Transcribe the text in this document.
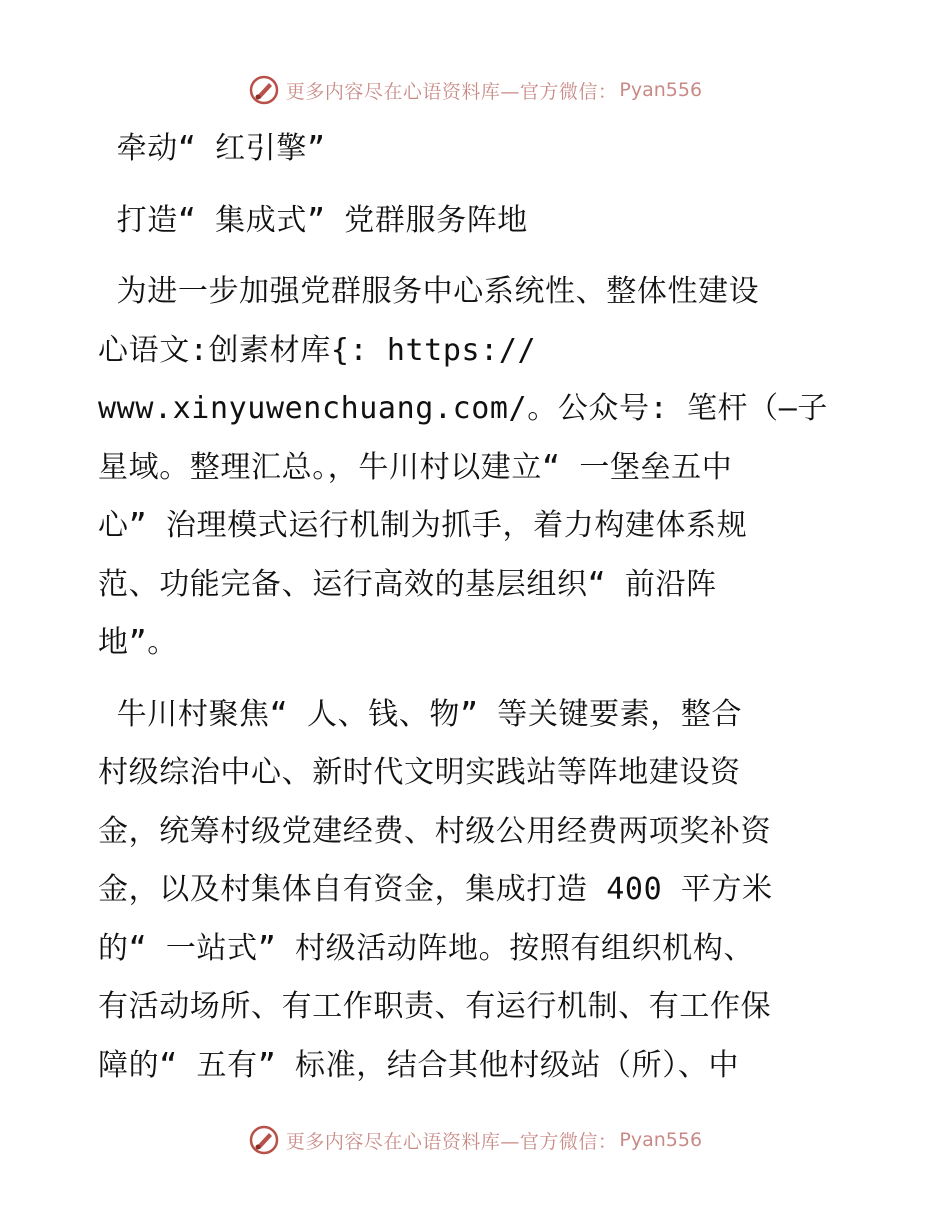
更多内容尽在心语资料库—官方微信： Pyan556
牵动“ 红引擎”
打造“ 集成式” 党群服务阵地
为进一步加强党群服务中心系统性、整体性建设
心语文:创素材库{: https://
www.xinyuwenchuang.com/。公众号: 笔杆（—子
星域。整理汇总。，牛川村以建立“ 一堡垒五中
心” 治理模式运行机制为抓手，着力构建体系规
范、功能完备、运行高效的基层组织“ 前沿阵
地”。
牛川村聚焦“ 人、钱、物” 等关键要素，整合
村级综治中心、新时代文明实践站等阵地建设资
金，统筹村级党建经费、村级公用经费两项奖补资
金，以及村集体自有资金，集成打造 400 平方米
的“ 一站式” 村级活动阵地。按照有组织机构、
有活动场所、有工作职责、有运行机制、有工作保
障的“ 五有” 标准，结合其他村级站（所）、中
更多内容尽在心语资料库—官方微信： Pyan556
